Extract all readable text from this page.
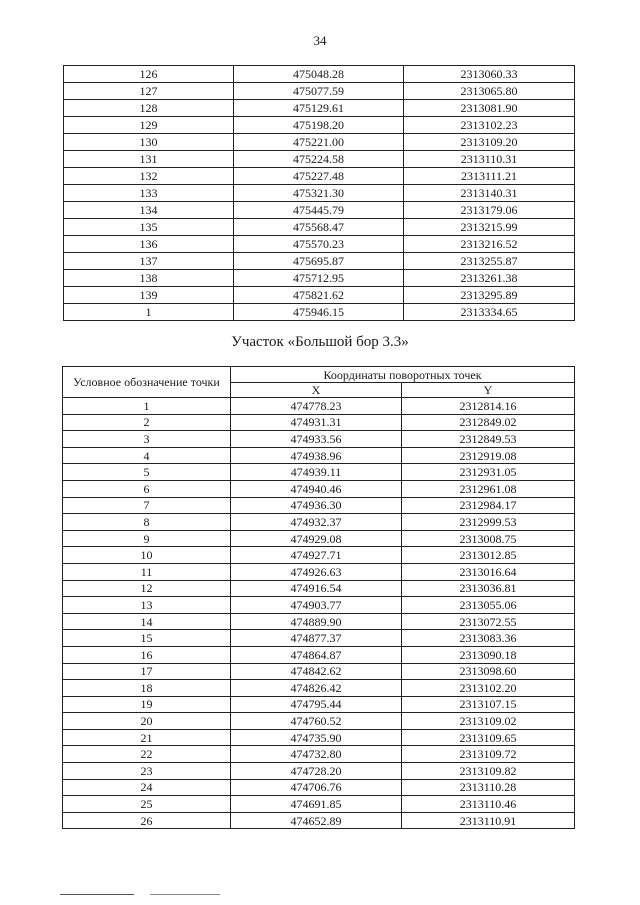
34
126	475048.28	2313060.33
127	475077.59	2313065.80
128	475129.61	2313081.90
129	475198.20	2313102.23
130	475221.00	2313109.20
131	475224.58	2313110.31
132	475227.48	2313111.21
133	475321.30	2313140.31
134	475445.79	2313179.06
135	475568.47	2313215.99
136	475570.23	2313216.52
137	475695.87	2313255.87
138	475712.95	2313261.38
139	475821.62	2313295.89
1	475946.15	2313334.65
Участок «Большой бор 3.3»
Условное обозначение точки	Координаты поворотных точек	
	X	Y
1	474778.23	2312814.16
2	474931.31	2312849.02
3	474933.56	2312849.53
4	474938.96	2312919.08
5	474939.11	2312931.05
6	474940.46	2312961.08
7	474936.30	2312984.17
8	474932.37	2312999.53
9	474929.08	2313008.75
10	474927.71	2313012.85
11	474926.63	2313016.64
12	474916.54	2313036.81
13	474903.77	2313055.06
14	474889.90	2313072.55
15	474877.37	2313083.36
16	474864.87	2313090.18
17	474842.62	2313098.60
18	474826.42	2313102.20
19	474795.44	2313107.15
20	474760.52	2313109.02
21	474735.90	2313109.65
22	474732.80	2313109.72
23	474728.20	2313109.82
24	474706.76	2313110.28
25	474691.85	2313110.46
26	474652.89	2313110.91
